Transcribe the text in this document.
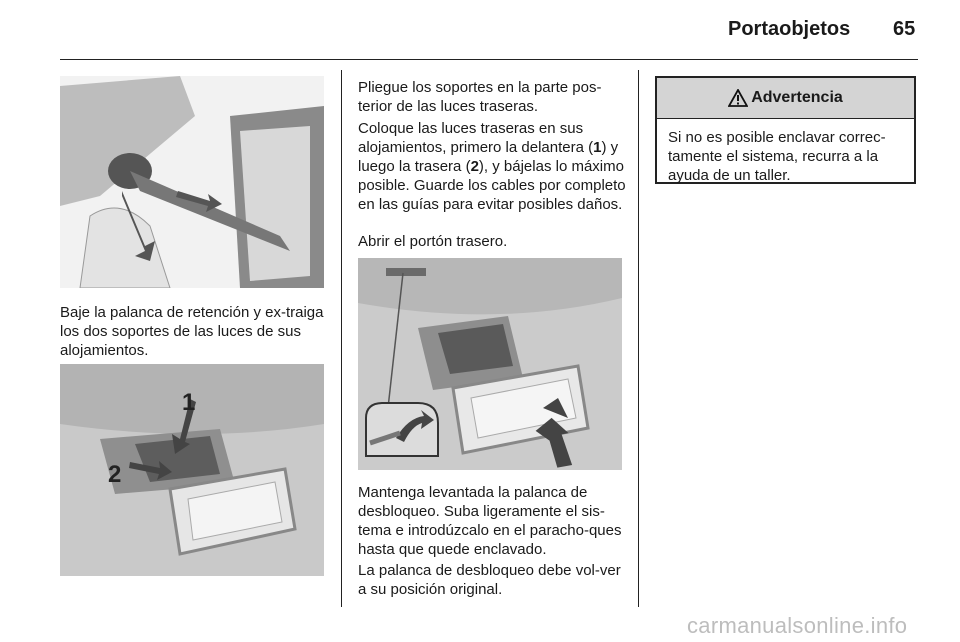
Portaobjetos 65

Baje la palanca de retención y ex-traiga los dos soportes de las luces de sus alojamientos.

1
2

Pliegue los soportes en la parte pos-terior de las luces traseras.

Coloque las luces traseras en sus alojamientos, primero la delantera (1) y luego la trasera (2), y bájelas lo máximo posible. Guarde los cables por completo en las guías para evitar posibles daños.

Abrir el portón trasero.

Mantenga levantada la palanca de desbloqueo. Suba ligeramente el sis-tema e introdúzcalo en el paracho-ques hasta que quede enclavado.

La palanca de desbloqueo debe vol-ver a su posición original.

Advertencia
Si no es posible enclavar correc-tamente el sistema, recurra a la ayuda de un taller.
carmanualsonline.info
